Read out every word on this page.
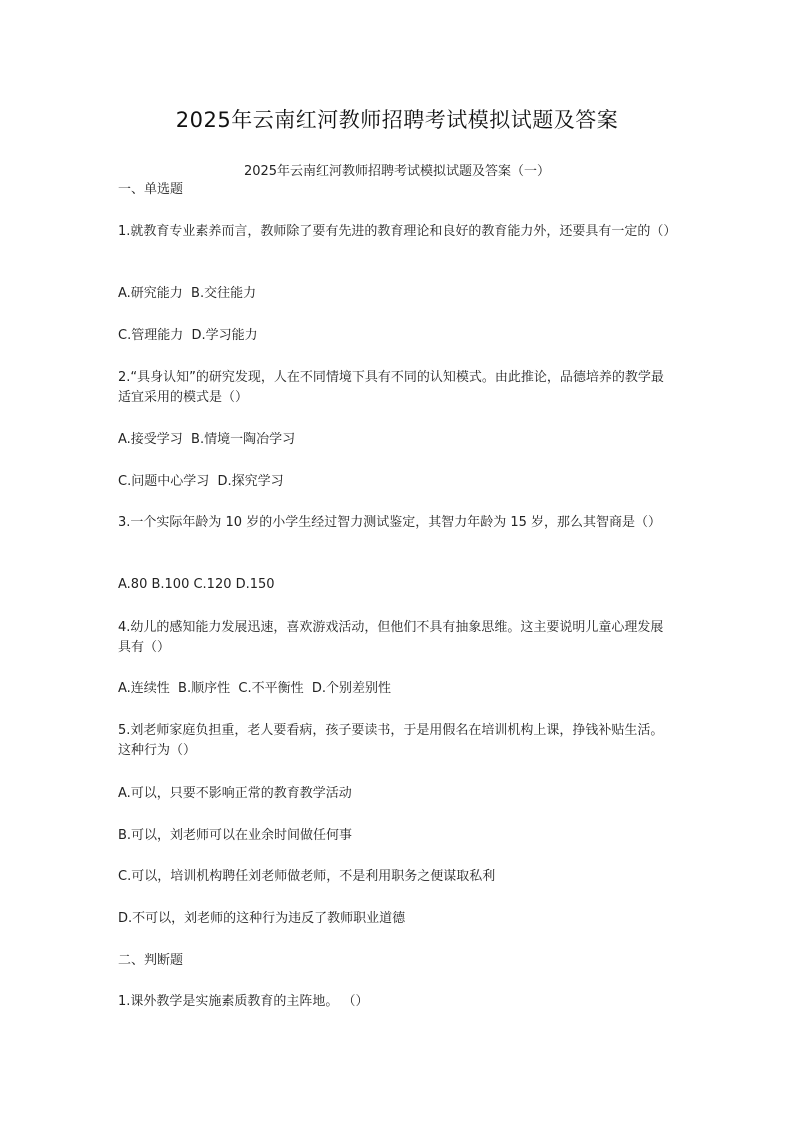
2025年云南红河教师招聘考试模拟试题及答案
2025年云南红河教师招聘考试模拟试题及答案（一）
一、单选题
1.就教育专业素养而言，教师除了要有先进的教育理论和良好的教育能力外，还要具有一定的（）
A.研究能力  B.交往能力
C.管理能力  D.学习能力
2.“具身认知”的研究发现，人在不同情境下具有不同的认知模式。由此推论，品德培养的教学最适宜采用的模式是（）
A.接受学习  B.情境一陶冶学习
C.问题中心学习  D.探究学习
3.一个实际年龄为 10 岁的小学生经过智力测试鉴定，其智力年龄为 15 岁，那么其智商是（）
A.80 B.100 C.120 D.150
4.幼儿的感知能力发展迅速，喜欢游戏活动，但他们不具有抽象思维。这主要说明儿童心理发展具有（）
A.连续性  B.顺序性  C.不平衡性  D.个别差别性
5.刘老师家庭负担重，老人要看病，孩子要读书，于是用假名在培训机构上课，挣钱补贴生活。这种行为（）
A.可以，只要不影响正常的教育教学活动
B.可以，刘老师可以在业余时间做任何事
C.可以，培训机构聘任刘老师做老师，不是利用职务之便谋取私利
D.不可以，刘老师的这种行为违反了教师职业道德
二、判断题
1.课外教学是实施素质教育的主阵地。 （）
